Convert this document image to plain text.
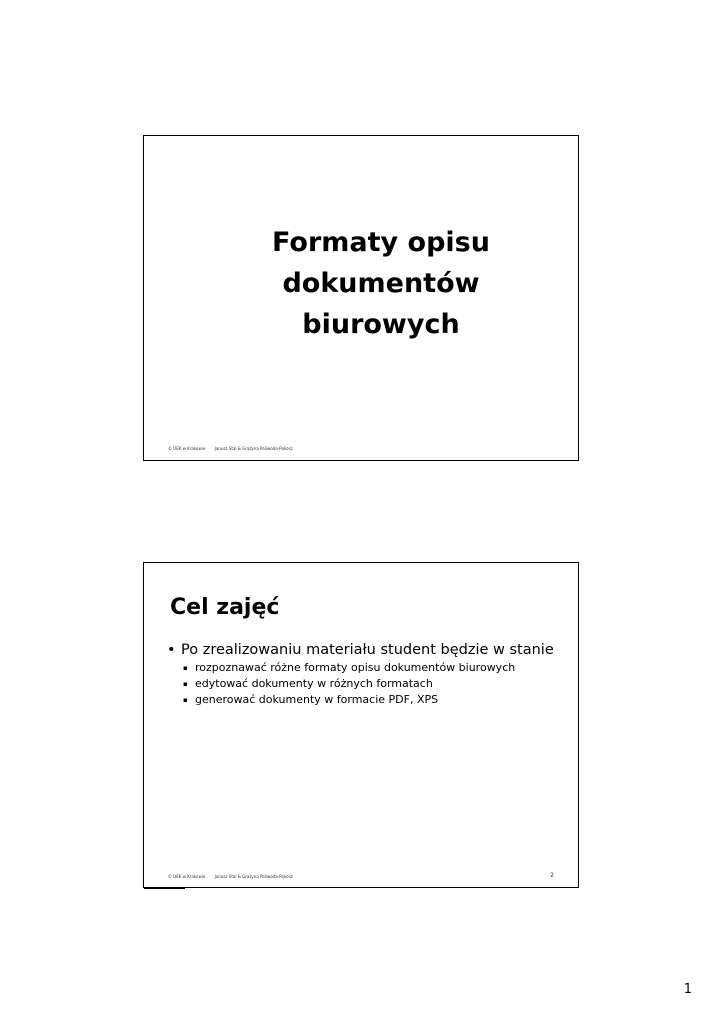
Formaty opisu
dokumentów
biurowych
© UEK w Krakowie Janusz Stal & Grażyna Paliwoda-Pękosz
Cel zajęć
• Po zrealizowaniu materiału student będzie w stanie
▪ rozpoznawać różne formaty opisu dokumentów biurowych
▪ edytować dokumenty w różnych formatach
▪ generować dokumenty w formacie PDF, XPS
© UEK w Krakowie Janusz Stal & Grażyna Paliwoda-Pękosz	2
1
